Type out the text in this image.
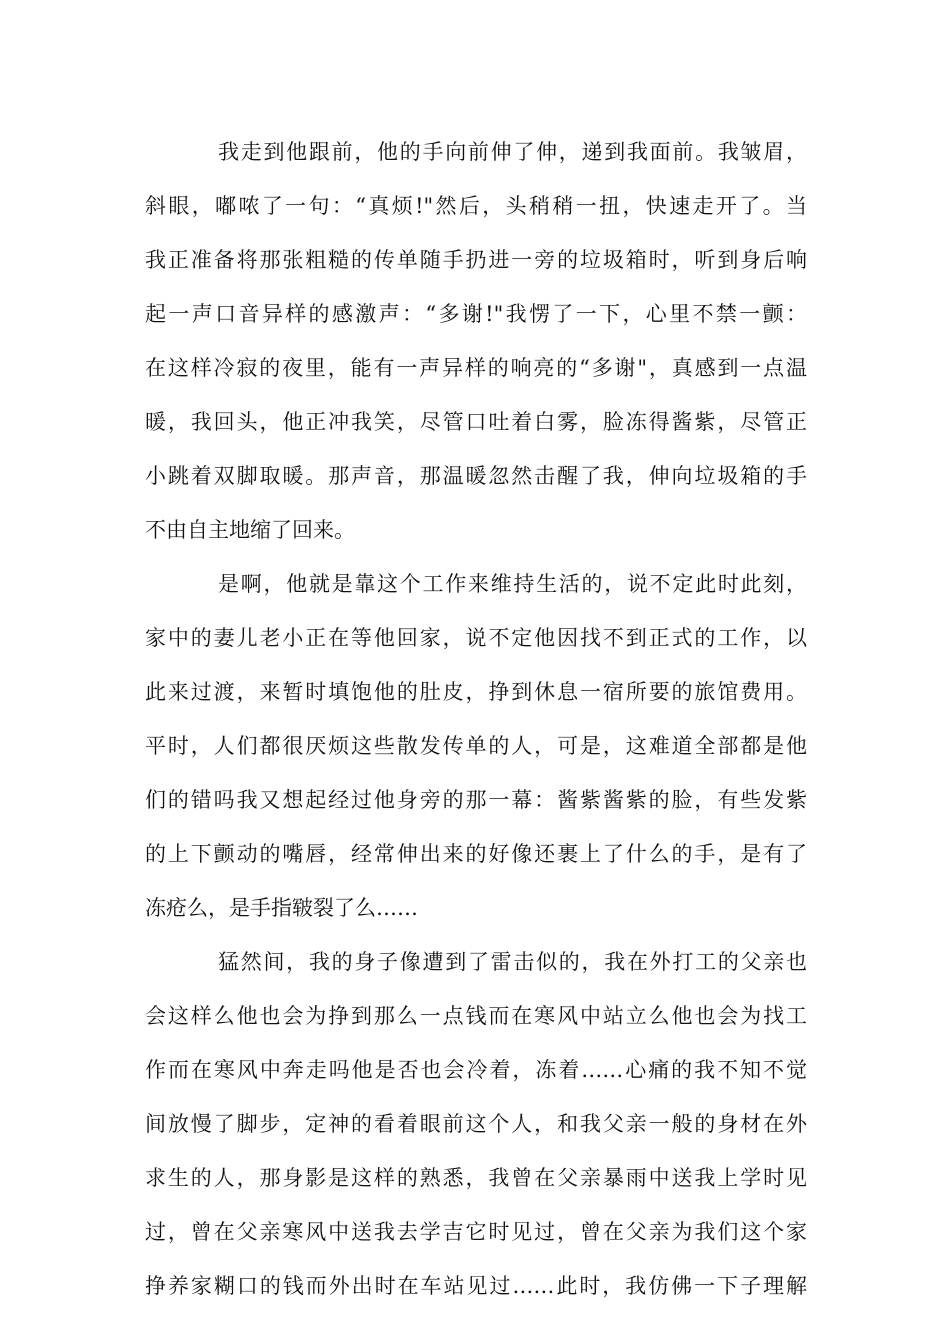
我走到他跟前，他的手向前伸了伸，递到我面前。我皱眉，
斜眼，嘟哝了一句：“真烦!"然后，头稍稍一扭，快速走开了。当
我正准备将那张粗糙的传单随手扔进一旁的垃圾箱时，听到身后响
起一声口音异样的感激声：“多谢!"我愣了一下，心里不禁一颤：
在这样冷寂的夜里，能有一声异样的响亮的“多谢"，真感到一点温
暖，我回头，他正冲我笑，尽管口吐着白雾，脸冻得酱紫，尽管正
小跳着双脚取暖。那声音，那温暖忽然击醒了我，伸向垃圾箱的手
不由自主地缩了回来。
是啊，他就是靠这个工作来维持生活的，说不定此时此刻，
家中的妻儿老小正在等他回家，说不定他因找不到正式的工作，以
此来过渡，来暂时填饱他的肚皮，挣到休息一宿所要的旅馆费用。
平时，人们都很厌烦这些散发传单的人，可是，这难道全部都是他
们的错吗我又想起经过他身旁的那一幕：酱紫酱紫的脸，有些发紫
的上下颤动的嘴唇，经常伸出来的好像还裹上了什么的手，是有了
冻疮么，是手指皲裂了么……
猛然间，我的身子像遭到了雷击似的，我在外打工的父亲也
会这样么他也会为挣到那么一点钱而在寒风中站立么他也会为找工
作而在寒风中奔走吗他是否也会冷着，冻着……心痛的我不知不觉
间放慢了脚步，定神的看着眼前这个人，和我父亲一般的身材在外
求生的人，那身影是这样的熟悉，我曾在父亲暴雨中送我上学时见
过，曾在父亲寒风中送我去学吉它时见过，曾在父亲为我们这个家
挣养家糊口的钱而外出时在车站见过……此时，我仿佛一下子理解
